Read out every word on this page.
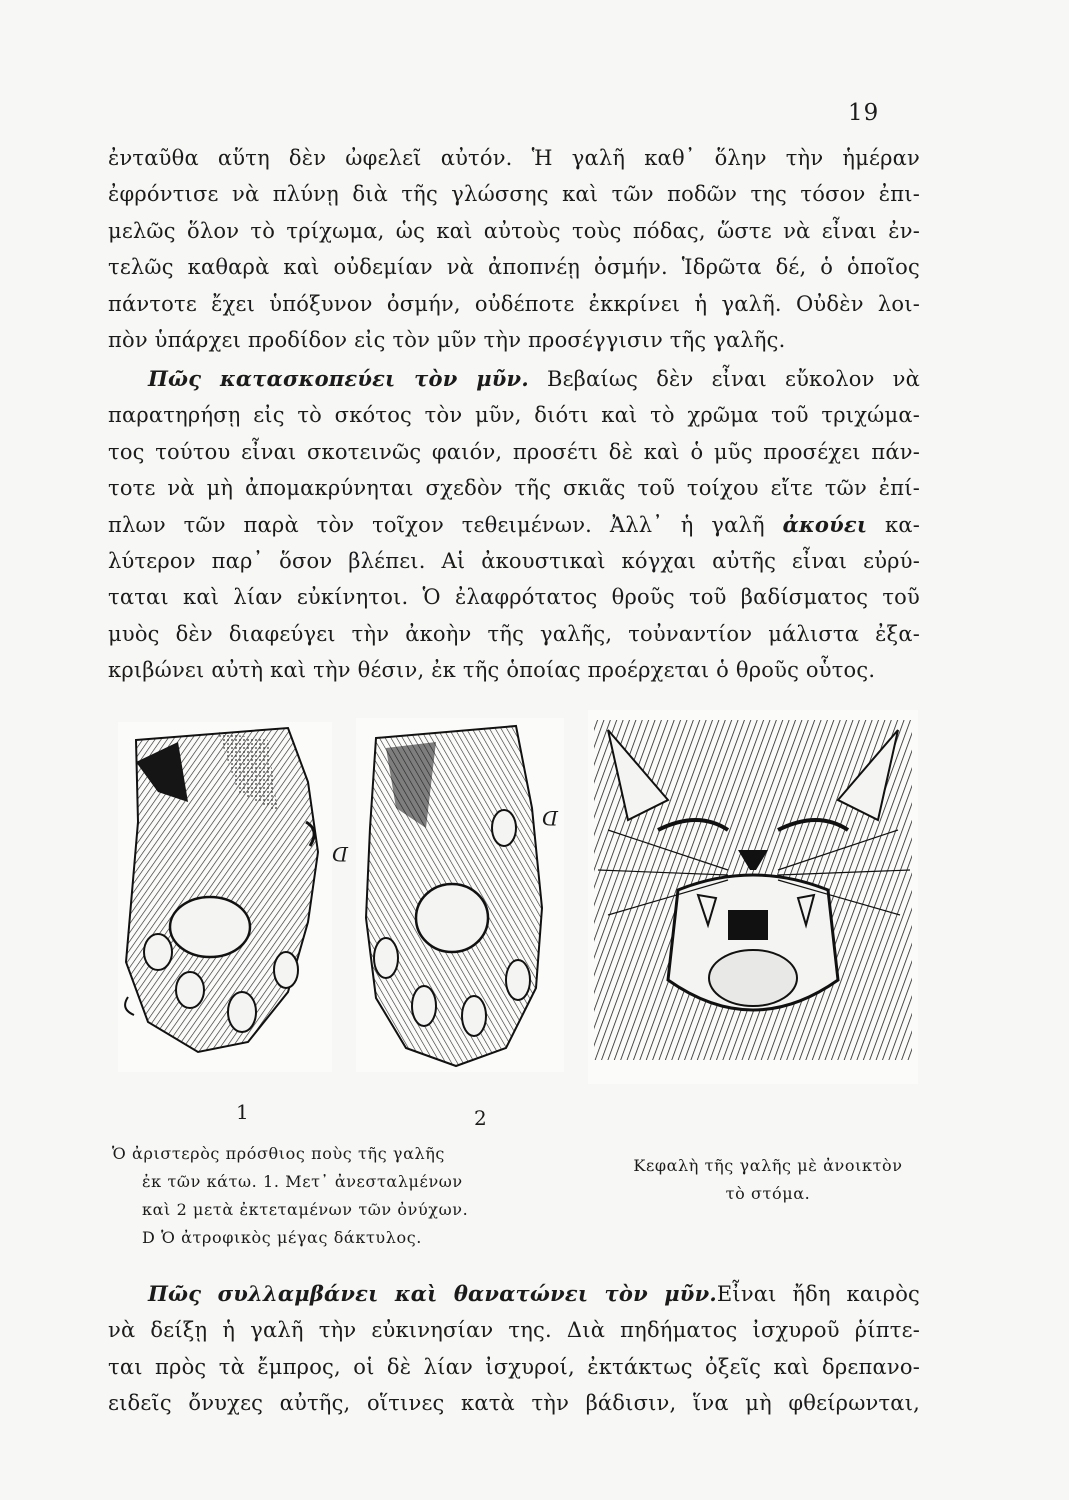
19
ἐνταῦθα αὕτη δὲν ὠφελεῖ αὐτόν. Ἡ γαλῆ καθ᾽ ὅλην τὴν ἡμέραν
ἐφρόντισε νὰ πλύνῃ διὰ τῆς γλώσσης καὶ τῶν ποδῶν της τόσον ἐπι-
μελῶς ὅλον τὸ τρίχωμα, ὡς καὶ αὐτοὺς τοὺς πόδας, ὥστε νὰ εἶναι ἐν-
τελῶς καθαρὰ καὶ οὐδεμίαν νὰ ἀποπνέῃ ὀσμήν. Ἱδρῶτα δέ, ὁ ὁποῖος
πάντοτε ἔχει ὑπόξυνον ὀσμήν, οὐδέποτε ἐκκρίνει ἡ γαλῆ. Οὐδὲν λοι-
πὸν ὑπάρχει προδίδον εἰς τὸν μῦν τὴν προσέγγισιν τῆς γαλῆς.
Πῶς κατασκοπεύει τὸν μῦν. Βεβαίως δὲν εἶναι εὔκολον νὰ
παρατηρήσῃ εἰς τὸ σκότος τὸν μῦν, διότι καὶ τὸ χρῶμα τοῦ τριχώμα-
τος τούτου εἶναι σκοτεινῶς φαιόν, προσέτι δὲ καὶ ὁ μῦς προσέχει πάν-
τοτε νὰ μὴ ἀπομακρύνηται σχεδὸν τῆς σκιᾶς τοῦ τοίχου εἴτε τῶν ἐπί-
πλων τῶν παρὰ τὸν τοῖχον τεθειμένων. Ἀλλ᾽ ἡ γαλῆ ἀκούει κα-
λύτερον παρ᾽ ὅσον βλέπει. Αἱ ἀκουστικαὶ κόγχαι αὐτῆς εἶναι εὐρύ-
ταται καὶ λίαν εὐκίνητοι. Ὁ ἐλαφρότατος θροῦς τοῦ βαδίσματος τοῦ
μυὸς δὲν διαφεύγει τὴν ἀκοὴν τῆς γαλῆς, τοὐναντίον μάλιστα ἐξα-
κριβώνει αὐτὴ καὶ τὴν θέσιν, ἐκ τῆς ὁποίας προέρχεται ὁ θροῦς οὗτος.
D
D
1	2
Ὁ ἀριστερὸς πρόσθιος ποὺς τῆς γαλῆς
ἐκ τῶν κάτω. 1. Μετ᾽ ἀνεσταλμένων
καὶ 2 μετὰ ἐκτεταμένων τῶν ὀνύχων.
D Ὁ ἀτροφικὸς μέγας δάκτυλος.
Κεφαλὴ τῆς γαλῆς μὲ ἀνοικτὸν
τὸ στόμα.
Πῶς συλλαμβάνει καὶ θανατώνει τὸν μῦν.Εἶναι ἤδη καιρὸς
νὰ δείξῃ ἡ γαλῆ τὴν εὐκινησίαν της. Διὰ πηδήματος ἰσχυροῦ ῥίπτε-
ται πρὸς τὰ ἔμπρος, οἱ δὲ λίαν ἰσχυροί, ἐκτάκτως ὀξεῖς καὶ δρεπανο-
ειδεῖς ὄνυχες αὐτῆς, οἵτινες κατὰ τὴν βάδισιν, ἵνα μὴ φθείρωνται,
